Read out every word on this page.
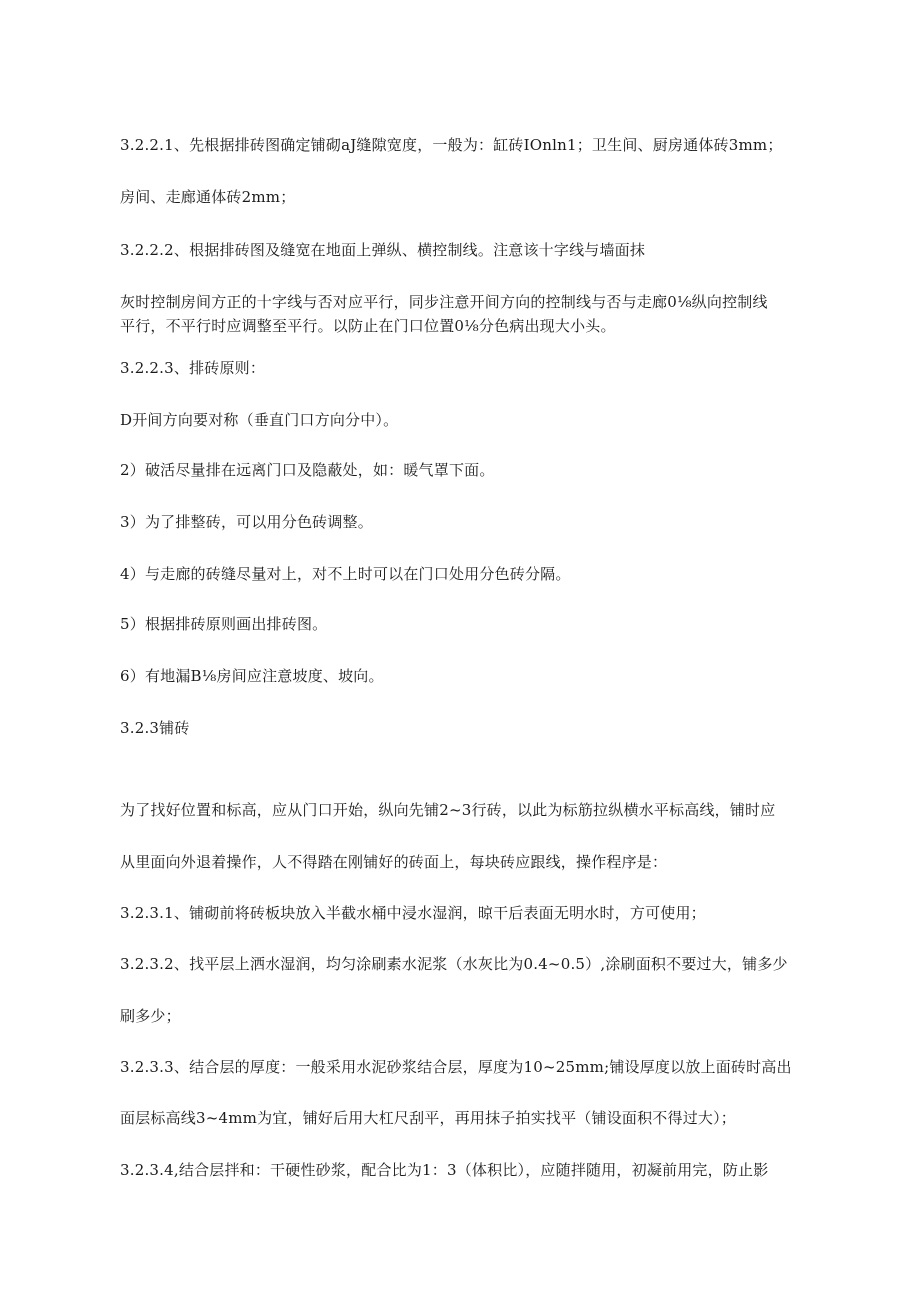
3.2.2.1、先根据排砖图确定铺砌aJ缝隙宽度，一般为：缸砖IOnln1；卫生间、厨房通体砖3mm；
房间、走廊通体砖2mm；
3.2.2.2、根据排砖图及缝宽在地面上弹纵、横控制线。注意该十字线与墙面抹
灰时控制房间方正的十字线与否对应平行，同步注意开间方向的控制线与否与走廊0⅛纵向控制线
平行，不平行时应调整至平行。以防止在门口位置0⅛分色病出现大小头。
3.2.2.3、排砖原则：
D开间方向要对称（垂直门口方向分中）。
2）破活尽量排在远离门口及隐蔽处，如：暖气罩下面。
3）为了排整砖，可以用分色砖调整。
4）与走廊的砖缝尽量对上，对不上时可以在门口处用分色砖分隔。
5）根据排砖原则画出排砖图。
6）有地漏B⅛房间应注意坡度、坡向。
3.2.3铺砖
为了找好位置和标高，应从门口开始，纵向先铺2~3行砖，以此为标筋拉纵横水平标高线，铺时应
从里面向外退着操作，人不得踏在刚铺好的砖面上，每块砖应跟线，操作程序是：
3.2.3.1、铺砌前将砖板块放入半截水桶中浸水湿润，晾干后表面无明水时，方可使用；
3.2.3.2、找平层上洒水湿润，均匀涂刷素水泥浆（水灰比为0.4~0.5）,涂刷面积不要过大，铺多少
刷多少；
3.2.3.3、结合层的厚度：一般采用水泥砂浆结合层，厚度为10~25mm;铺设厚度以放上面砖时高出
面层标高线3~4mm为宜，铺好后用大杠尺刮平，再用抹子拍实找平（铺设面积不得过大）；
3.2.3.4,结合层拌和：干硬性砂浆，配合比为1：3（体积比），应随拌随用，初凝前用完，防止影
